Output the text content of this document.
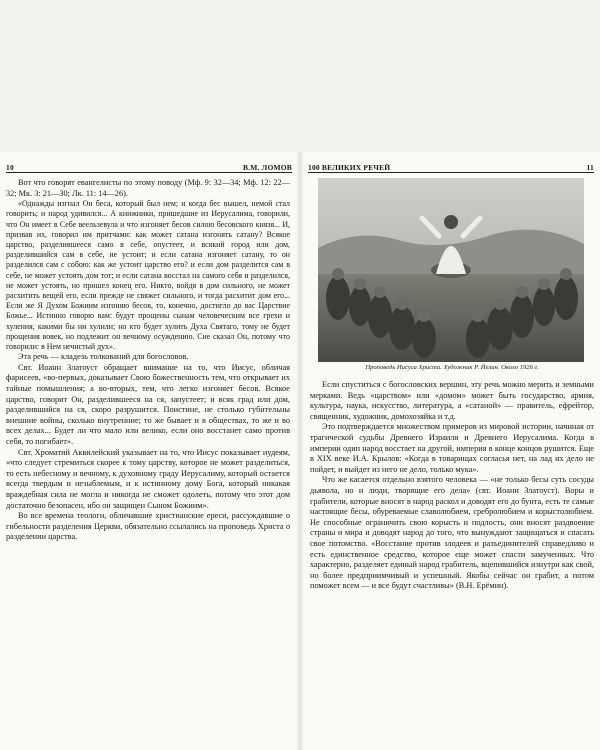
10	В.М. ЛОМОВ

Вот что говорят евангелисты по этому поводу (Мф. 9: 32—34; Мф. 12: 22—32; Мк. 3: 21—30; Лк. 11: 14—26).

«Однажды изгнал Он беса, который был нем; и когда бес вышел, немой стал говорить; и народ удивился... А книжники, пришедшие из Иерусалима, говорили, что Он имеет в Себе веельзевула и что изгоняет бесов силою бесовского князя... И, призвав их, говорил им притчами: как может сатана изгонять сатану? Всякое царство, разделившееся само в себе, опустеет, и всякий город или дом, разделившийся сам в себе, не устоит; и если сатана изгоняет сатану, то он разделился сам с собою: как же устоит царство его? и если дом разделится сам в себе, не может устоять дом тот; и если сатана восстал на самого себя и разделился, не может устоять, но пришел конец его. Никто, войдя в дом сильного, не может расхитить вещей его, если прежде не свяжет сильного, и тогда расхитит дом его... Если же Я Духом Божиим изгоняю бесов, то, конечно, достигло до вас Царствие Божье... Истинно говорю вам: будут прощены сынам человеческим все грехи и хуления, какими бы ни хулили; но кто будет хулить Духа Святаго, тому не будет прощения вовек, но подлежит он вечному осуждению. Сие сказал Он, потому что говорили: в Нем нечистый дух».

Эта речь — кладезь толкований для богословов.

Свт. Иоанн Златоуст обращает внимание на то, что Иисус, обличая фарисеев, «во-первых, доказывает Свою божественность тем, что открывает их тайные помышления; а во-вторых, тем, что легко изгоняет бесов. Всякое царство, говорит Он, разделившееся на ся, запустеет; и всяк град или дом, разделившийся на ся, скоро разрушится. Поистине, не столько губительны внешние войны, сколько внутренние; то же бывает и в обществах, то же и во всех делах... Будет ли что мало или велико, если оно восстанет само против себя, то погибает».

Свт. Хроматий Аквилейский указывает на то, что Иисус показывает иудеям, «что следует стремиться скорее к тому царству, которое не может разделиться, то есть небесному и вечному, к духовному граду Иерусалиму, который остается всегда твердым и незыблемым, и к истинному дому Бога, который никакая враждебная сила не могла и никогда не сможет одолеть, потому что этот дом достаточно безопасен, ибо он защищен Сыном Божиим».

Во все времена теологи, обличавшие христианские ереси, рассуждавшие о гибельности разделения Церкви, обязательно ссылались на проповедь Христа о разделении царства.

100 ВЕЛИКИХ РЕЧЕЙ	11
Проповедь Иисуса Христа. Художник Р. Йелин. Около 1926 г.

Если спуститься с богословских вершин, эту речь можно мерить и земными мерками. Ведь «царством» или «домом» может быть государство, армия, культура, наука, искусство, литература, а «сатаной» — правитель, ефрейтор, священник, художник, домохозяйка и т.д.

Это подтверждается множеством примеров из мировой истории, начиная от трагической судьбы Древнего Израиля и Древнего Иерусалима. Когда в империи один народ восстает на другой, империя в конце концов рушится. Еще в XIX веке И.А. Крылов: «Когда в товарищах согласья нет, на лад их дело не пойдет, и выйдет из него не дело, только мука».

Что же касается отдельно взятого человека — «не только бесы суть сосуды дьявола, но и люди, творящие его дела» (свт. Иоанн Златоуст). Воры и грабители, которые вносят в народ раскол и доводят его до бунта, есть те самые настоящие бесы, обуреваемые славолюбием, сребролюбием и корыстолюбием. Не способные ограничить свою корысть и подлость, они вносят раздвоение страны и мира и доводят народ до того, что вынуждают защищаться и спасать свое потомство. «Восстание против злодеев и разъединителей справедливо и есть единственное средство, которое еще может спасти замученных. Что характерно, разделяет единый народ грабитель, вцепившийся изнутри как свой, но более предприимчивый и успешный. Якобы сейчас он грабит, а потом поможет всем — и все будут счастливы» (В.Н. Ерёмин).
